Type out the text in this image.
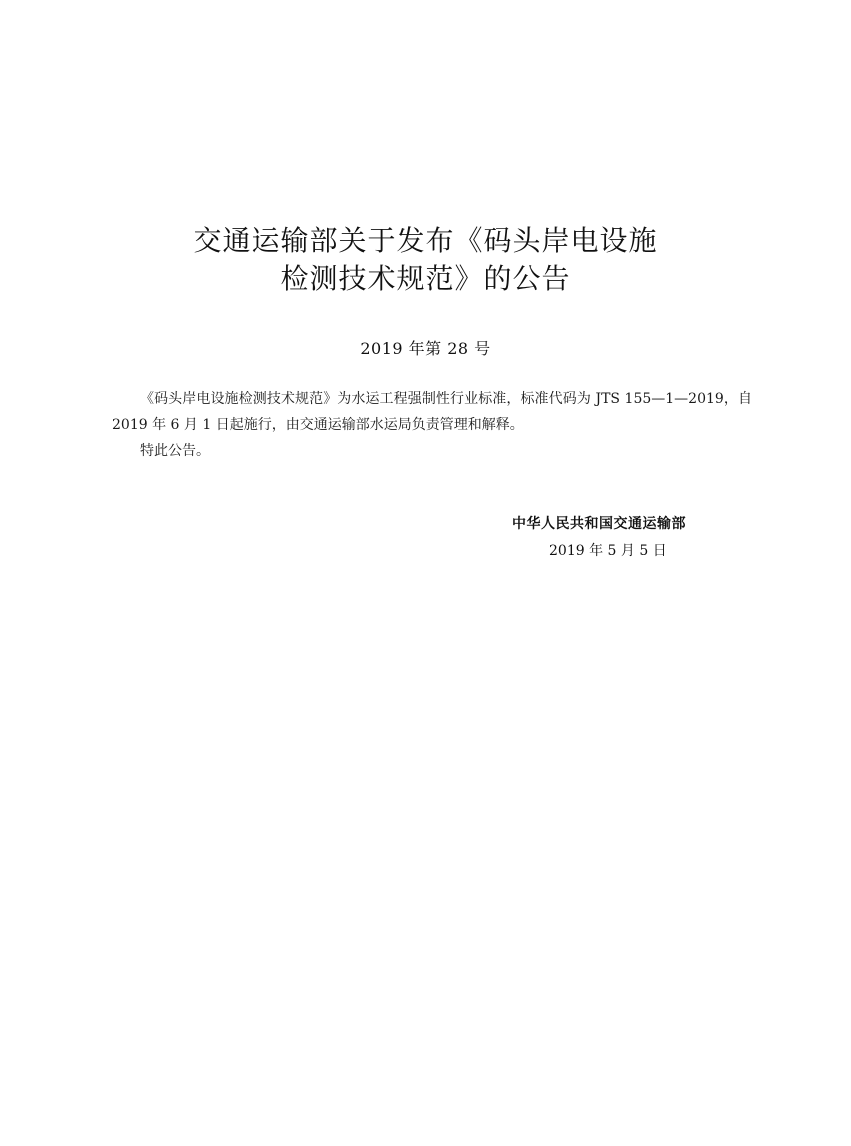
交通运输部关于发布《码头岸电设施
检测技术规范》的公告
2019 年第 28 号

《码头岸电设施检测技术规范》为水运工程强制性行业标准，标准代码为 JTS 155—1—2019，自 2019 年 6 月 1 日起施行，由交通运输部水运局负责管理和解释。

特此公告。

中华人民共和国交通运输部
2019 年 5 月 5 日
